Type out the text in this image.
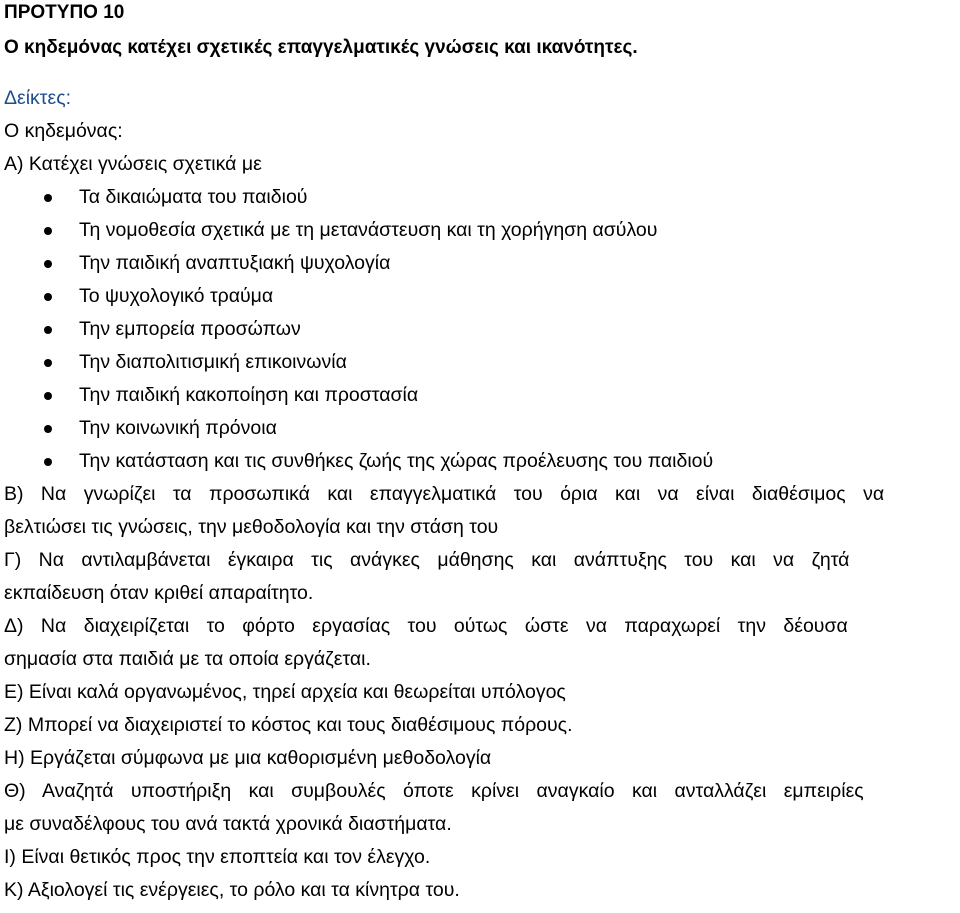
ΠΡΟΤΥΠΟ 10
Ο κηδεμόνας κατέχει σχετικές επαγγελματικές γνώσεις και ικανότητες.
Δείκτες:
Ο κηδεμόνας:
Α) Κατέχει γνώσεις σχετικά με
Τα δικαιώματα του παιδιού
Τη νομοθεσία σχετικά με τη μετανάστευση και τη χορήγηση ασύλου
Την παιδική αναπτυξιακή ψυχολογία
Το ψυχολογικό τραύμα
Την εμπορεία προσώπων
Την διαπολιτισμική επικοινωνία
Την παιδική κακοποίηση και προστασία
Την κοινωνική πρόνοια
Την κατάσταση και τις συνθήκες ζωής της χώρας προέλευσης του παιδιού
Β) Να γνωρίζει τα προσωπικά και επαγγελματικά του όρια και να είναι διαθέσιμος να
βελτιώσει τις γνώσεις, την μεθοδολογία και την στάση του
Γ) Να αντιλαμβάνεται έγκαιρα τις ανάγκες μάθησης και ανάπτυξης του και να ζητά
εκπαίδευση όταν κριθεί απαραίτητο.
Δ) Να διαχειρίζεται το φόρτο εργασίας του ούτως ώστε να παραχωρεί την δέουσα
σημασία στα παιδιά με τα οποία εργάζεται.
Ε) Είναι καλά οργανωμένος, τηρεί αρχεία και θεωρείται υπόλογος
Ζ) Μπορεί να διαχειριστεί το κόστος και τους διαθέσιμους πόρους.
Η) Εργάζεται σύμφωνα με μια καθορισμένη μεθοδολογία
Θ) Αναζητά υποστήριξη και συμβουλές όποτε κρίνει αναγκαίο και ανταλλάζει εμπειρίες
με συναδέλφους του ανά τακτά χρονικά διαστήματα.
Ι) Είναι θετικός προς την εποπτεία και τον έλεγχο.
Κ) Αξιολογεί τις ενέργειες, το ρόλο και τα κίνητρα του.
